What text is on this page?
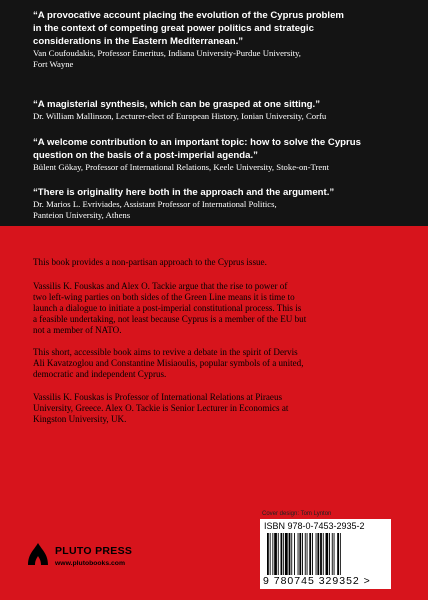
“A provocative account placing the evolution of the Cyprus problem
in the context of competing great power politics and strategic
considerations in the Eastern Mediterranean.”
Van Coufoudakis, Professor Emeritus, Indiana University-Purdue University,
Fort Wayne
“A magisterial synthesis, which can be grasped at one sitting.”
Dr. William Mallinson, Lecturer-elect of European History, Ionian University, Corfu
“A welcome contribution to an important topic: how to solve the Cyprus
question on the basis of a post-imperial agenda.”
Bülent Gökay, Professor of International Relations, Keele University, Stoke-on-Trent
“There is originality here both in the approach and the argument.”
Dr. Marios L. Evriviades, Assistant Professor of International Politics,
Panteion University, Athens
This book provides a non-partisan approach to the Cyprus issue.
Vassilis K. Fouskas and Alex O. Tackie argue that the rise to power of
two left-wing parties on both sides of the Green Line means it is time to
launch a dialogue to initiate a post-imperial constitutional process. This is
a feasible undertaking, not least because Cyprus is a member of the EU but
not a member of NATO.
This short, accessible book aims to revive a debate in the spirit of Dervis
Ali Kavatzoglou and Constantine Misiaoulis, popular symbols of a united,
democratic and independent Cyprus.
Vassilis K. Fouskas is Professor of International Relations at Piraeus
University, Greece. Alex O. Tackie is Senior Lecturer in Economics at
Kingston University, UK.
Cover design: Tom Lynton
ISBN 978-0-7453-2935-2
9 780745 329352 >
PLUTO PRESS
www.plutobooks.com
